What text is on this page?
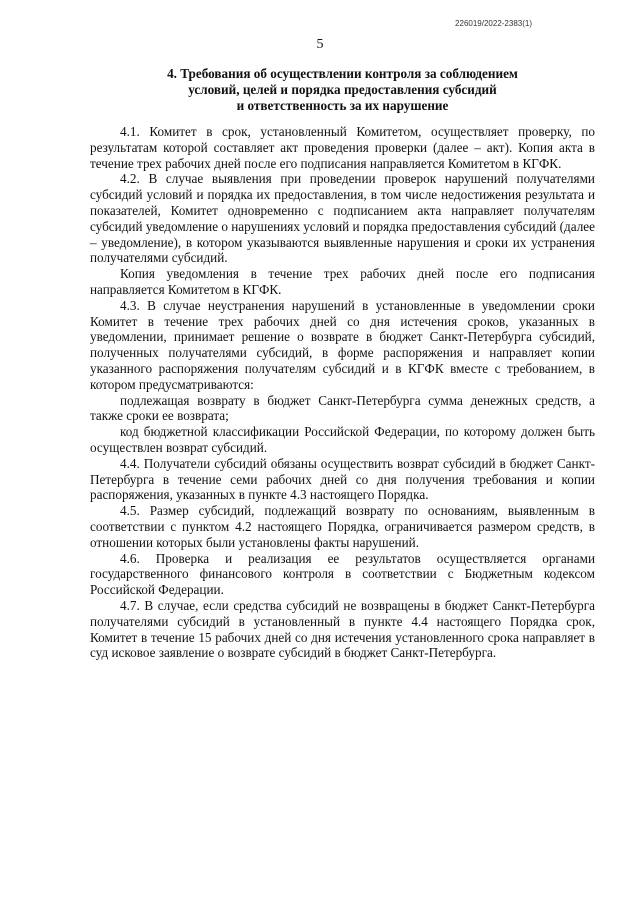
226019/2022-2383(1)
5
4. Требования об осуществлении контроля за соблюдением
условий, целей и порядка предоставления субсидий
и ответственность за их нарушение

4.1. Комитет в срок, установленный Комитетом, осуществляет проверку, по результатам которой составляет акт проведения проверки (далее – акт). Копия акта в течение трех рабочих дней после его подписания направляется Комитетом в КГФК.

4.2. В случае выявления при проведении проверок нарушений получателями субсидий условий и порядка их предоставления, в том числе недостижения результата и показателей, Комитет одновременно с подписанием акта направляет получателям субсидий уведомление о нарушениях условий и порядка предоставления субсидий (далее – уведомление), в котором указываются выявленные нарушения и сроки их устранения получателями субсидий.

Копия уведомления в течение трех рабочих дней после его подписания направляется Комитетом в КГФК.

4.3. В случае неустранения нарушений в установленные в уведомлении сроки Комитет в течение трех рабочих дней со дня истечения сроков, указанных в уведомлении, принимает решение о возврате в бюджет Санкт-Петербурга субсидий, полученных получателями субсидий, в форме распоряжения и направляет копии указанного распоряжения получателям субсидий и в КГФК вместе с требованием, в котором предусматриваются:

подлежащая возврату в бюджет Санкт-Петербурга сумма денежных средств, а также сроки ее возврата;

код бюджетной классификации Российской Федерации, по которому должен быть осуществлен возврат субсидий.

4.4. Получатели субсидий обязаны осуществить возврат субсидий в бюджет Санкт-Петербурга в течение семи рабочих дней со дня получения требования и копии распоряжения, указанных в пункте 4.3 настоящего Порядка.

4.5. Размер субсидий, подлежащий возврату по основаниям, выявленным в соответствии с пунктом 4.2 настоящего Порядка, ограничивается размером средств, в отношении которых были установлены факты нарушений.

4.6. Проверка и реализация ее результатов осуществляется органами государственного финансового контроля в соответствии с Бюджетным кодексом Российской Федерации.

4.7. В случае, если средства субсидий не возвращены в бюджет Санкт-Петербурга получателями субсидий в установленный в пункте 4.4 настоящего Порядка срок, Комитет в течение 15 рабочих дней со дня истечения установленного срока направляет в суд исковое заявление о возврате субсидий в бюджет Санкт-Петербурга.
